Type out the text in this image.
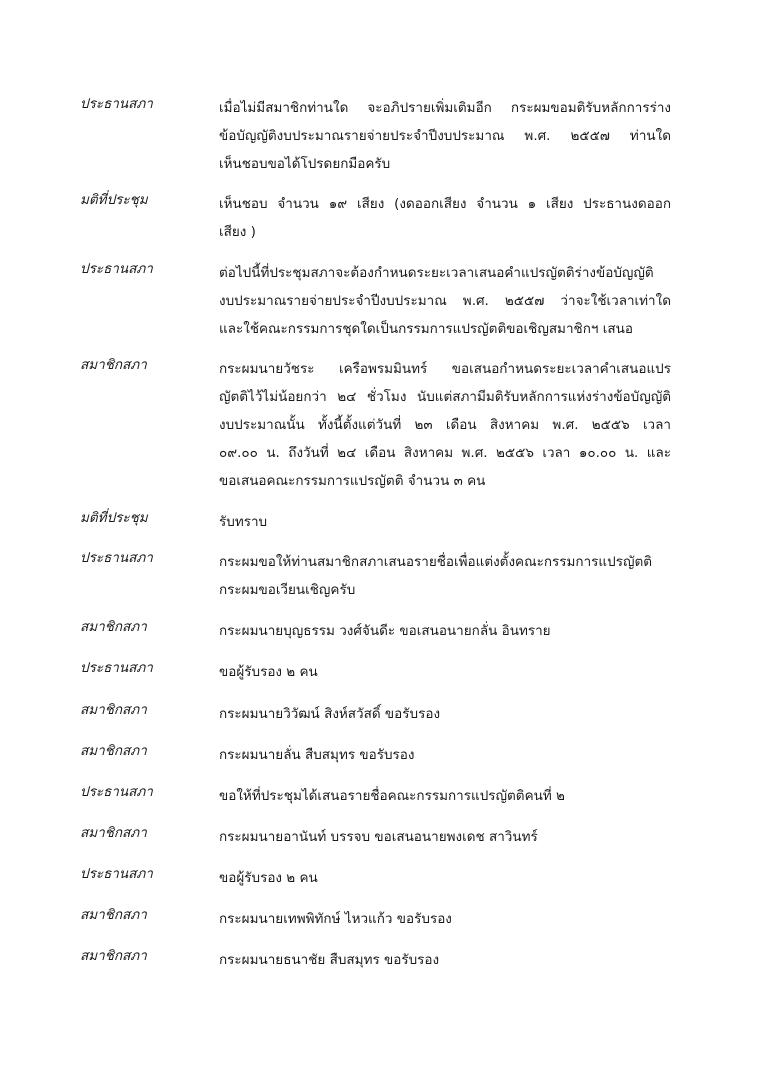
ประธานสภา	เมื่อไม่มีสมาชิกท่านใด จะอภิปรายเพิ่มเติมอีก กระผมขอมติรับหลักการร่าง
ข้อบัญญัติงบประมาณรายจ่ายประจำปีงบประมาณ พ.ศ. ๒๕๕๗ ท่านใด
เห็นชอบขอได้โปรดยกมือครับ
มติที่ประชุม	เห็นชอบ จำนวน ๑๙ เสียง (งดออกเสียง จำนวน ๑ เสียง ประธานงดออก
เสียง )
ประธานสภา	ต่อไปนี้ที่ประชุมสภาจะต้องกำหนดระยะเวลาเสนอคำแปรญัตติร่างข้อบัญญัติ
งบประมาณรายจ่ายประจำปีงบประมาณ พ.ศ. ๒๕๕๗ ว่าจะใช้เวลาเท่าใด
และใช้คณะกรรมการชุดใดเป็นกรรมการแปรญัตติขอเชิญสมาชิกฯ เสนอ
สมาชิกสภา	กระผมนายวัชระ เครือพรมมินทร์ ขอเสนอกำหนดระยะเวลาคำเสนอแปร
ญัตติไว้ไม่น้อยกว่า ๒๔ ชั่วโมง นับแต่สภามีมติรับหลักการแห่งร่างข้อบัญญัติ
งบประมาณนั้น ทั้งนี้ตั้งแต่วันที่ ๒๓ เดือน สิงหาคม พ.ศ. ๒๕๕๖ เวลา
๐๙.๐๐ น. ถึงวันที่ ๒๔ เดือน สิงหาคม พ.ศ. ๒๕๕๖ เวลา ๑๐.๐๐ น. และ
ขอเสนอคณะกรรมการแปรญัตติ จำนวน ๓ คน
มติที่ประชุม	รับทราบ
ประธานสภา	กระผมขอให้ท่านสมาชิกสภาเสนอรายชื่อเพื่อแต่งตั้งคณะกรรมการแปรญัตติ
กระผมขอเวียนเชิญครับ
สมาชิกสภา	กระผมนายบุญธรรม วงศ์จันดีะ ขอเสนอนายกลั่น อินทราย
ประธานสภา	ขอผู้รับรอง ๒ คน
สมาชิกสภา	กระผมนายวิวัฒน์ สิงห์สวัสดิ์ ขอรับรอง
สมาชิกสภา	กระผมนายลั่น สืบสมุทร ขอรับรอง
ประธานสภา	ขอให้ที่ประชุมได้เสนอรายชื่อคณะกรรมการแปรญัตติคนที่ ๒
สมาชิกสภา	กระผมนายอานันท์ บรรจบ ขอเสนอนายพงเดช สาวินทร์
ประธานสภา	ขอผู้รับรอง ๒ คน
สมาชิกสภา	กระผมนายเทพพิทักษ์ ไหวแก้ว ขอรับรอง
สมาชิกสภา	กระผมนายธนาชัย สืบสมุทร ขอรับรอง
